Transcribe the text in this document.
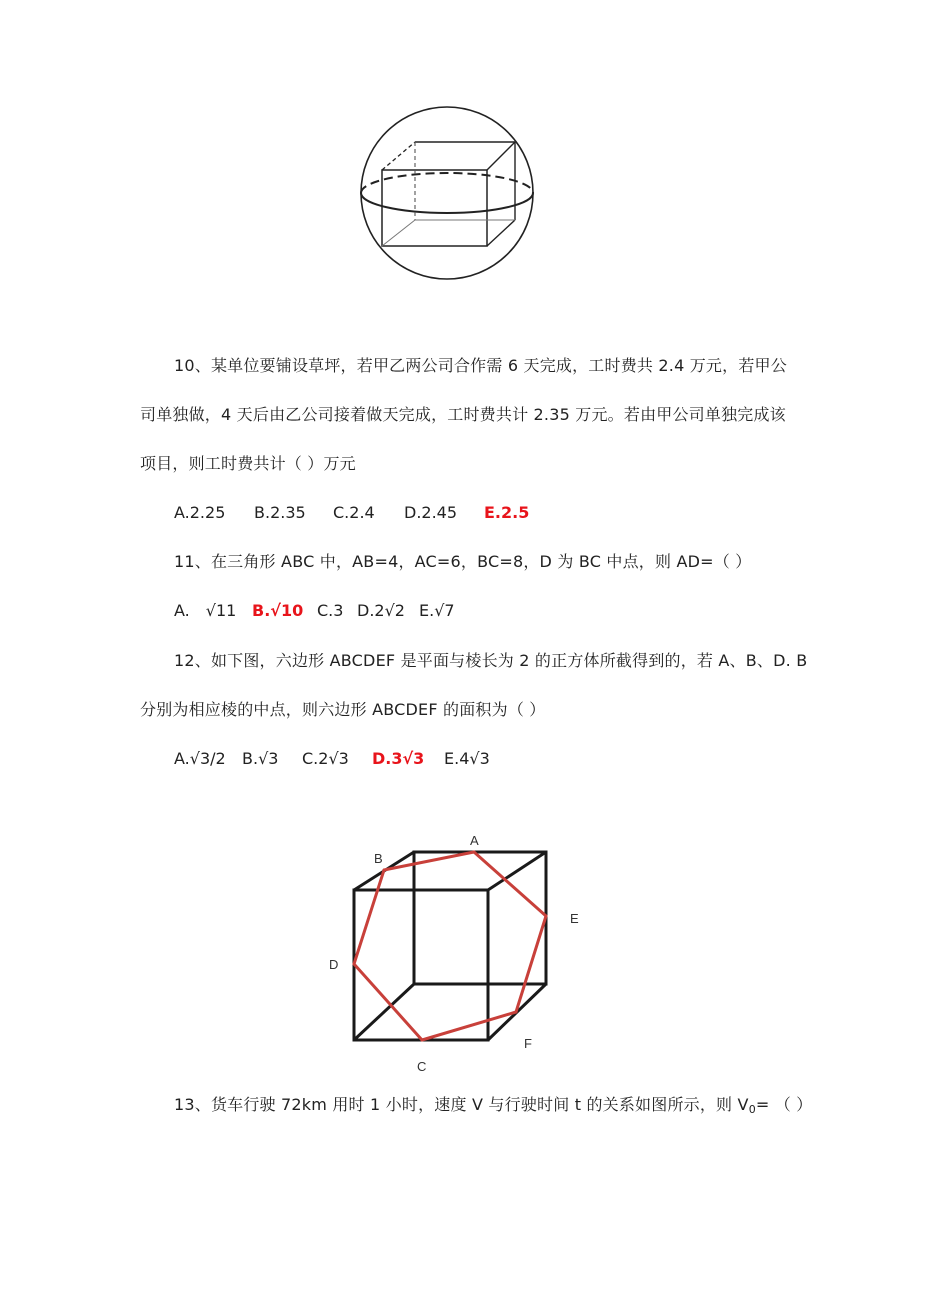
10、某单位要铺设草坪，若甲乙两公司合作需 6 天完成，工时费共 2.4 万元，若甲公
司单独做，4 天后由乙公司接着做天完成，工时费共计 2.35 万元。若由甲公司单独完成该
项目，则工时费共计（ ）万元
A.2.25 B.2.35 C.2.4 D.2.45 E.2.5
11、在三角形 ABC 中，AB=4，AC=6，BC=8，D 为 BC 中点，则 AD=（ ）
A.　√11 B.√10 C.3 D.2√2 E.√7
12、如下图，六边形 ABCDEF 是平面与棱长为 2 的正方体所截得到的，若 A、B、D. B
分别为相应棱的中点，则六边形 ABCDEF 的面积为（ ）
A.√3/2 B.√3 C.2√3 D.3√3 E.4√3
A
B
E
D
F
C
13、货车行驶 72km 用时 1 小时，速度 V 与行驶时间 t 的关系如图所示，则 $V_0=$ （ ）
